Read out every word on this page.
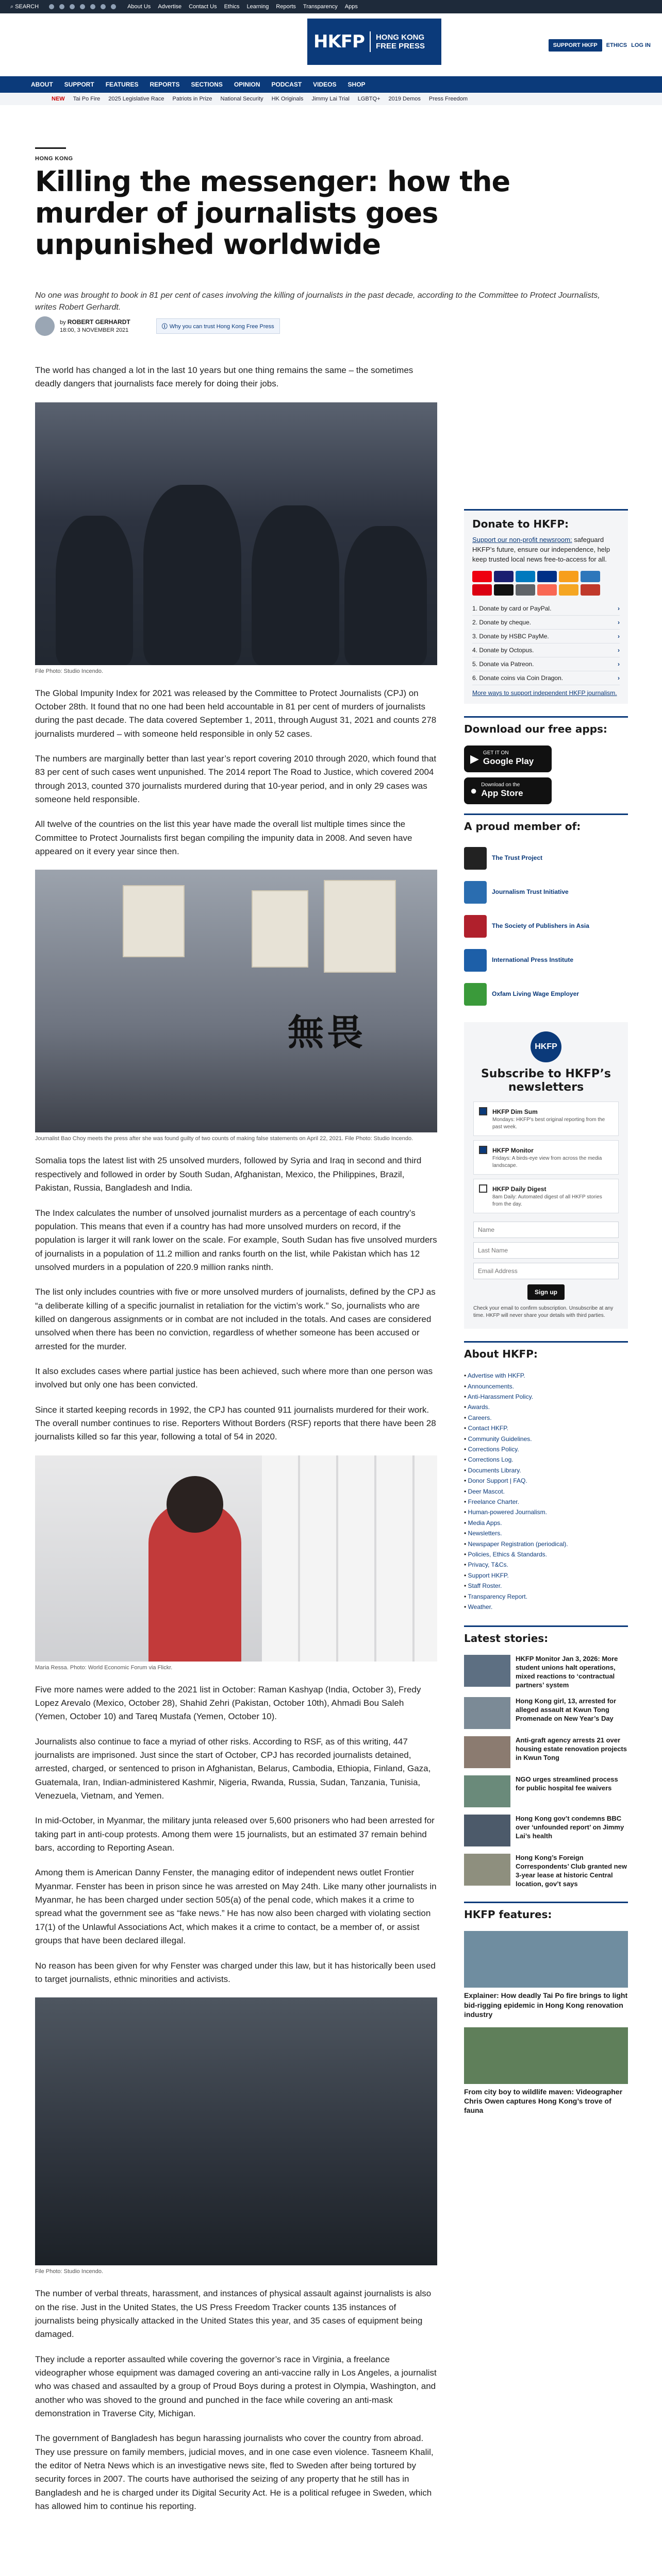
⌕ SEARCH	About Us Advertise Contact Us Ethics Learning Reports Transparency Apps
HKFP	HONG KONG FREE PRESS	SUPPORT HKFP	ETHICS LOG IN
ABOUT SUPPORT FEATURES REPORTS SECTIONS OPINION PODCAST VIDEOS SHOP
NEW Tai Po Fire 2025 Legislative Race Patriots in Prize National Security HK Originals Jimmy Lai Trial LGBTQ+ 2019 Demos Press Freedom
HONG KONG
Killing the messenger: how the murder of journalists goes unpunished worldwide

No one was brought to book in 81 per cent of cases involving the killing of journalists in the past decade, according to the Committee to Protect Journalists, writes Robert Gerhardt.

by ROBERT GERHARDT
18:00, 3 NOVEMBER 2021
ⓘ Why you can trust Hong Kong Free Press

The world has changed a lot in the last 10 years but one thing remains the same – the sometimes deadly dangers that journalists face merely for doing their jobs.

File Photo: Studio Incendo.

The Global Impunity Index for 2021 was released by the Committee to Protect Journalists (CPJ) on October 28th. It found that no one had been held accountable in 81 per cent of murders of journalists during the past decade. The data covered September 1, 2011, through August 31, 2021 and counts 278 journalists murdered – with someone held responsible in only 52 cases.

The numbers are marginally better than last year’s report covering 2010 through 2020, which found that 83 per cent of such cases went unpunished. The 2014 report The Road to Justice, which covered 2004 through 2013, counted 370 journalists murdered during that 10-year period, and in only 29 cases was someone held responsible.

All twelve of the countries on the list this year have made the overall list multiple times since the Committee to Protect Journalists first began compiling the impunity data in 2008. And seven have appeared on it every year since then.

無畏
Journalist Bao Choy meets the press after she was found guilty of two counts of making false statements on April 22, 2021. File Photo: Studio Incendo.

Somalia tops the latest list with 25 unsolved murders, followed by Syria and Iraq in second and third respectively and followed in order by South Sudan, Afghanistan, Mexico, the Philippines, Brazil, Pakistan, Russia, Bangladesh and India.

The Index calculates the number of unsolved journalist murders as a percentage of each country’s population. This means that even if a country has had more unsolved murders on record, if the population is larger it will rank lower on the scale. For example, South Sudan has five unsolved murders of journalists in a population of 11.2 million and ranks fourth on the list, while Pakistan which has 12 unsolved murders in a population of 220.9 million ranks ninth.

The list only includes countries with five or more unsolved murders of journalists, defined by the CPJ as “a deliberate killing of a specific journalist in retaliation for the victim’s work.” So, journalists who are killed on dangerous assignments or in combat are not included in the totals. And cases are considered unsolved when there has been no conviction, regardless of whether someone has been accused or arrested for the murder.

It also excludes cases where partial justice has been achieved, such where more than one person was involved but only one has been convicted.

Since it started keeping records in 1992, the CPJ has counted 911 journalists murdered for their work. The overall number continues to rise. Reporters Without Borders (RSF) reports that there have been 28 journalists killed so far this year, following a total of 54 in 2020.

Maria Ressa. Photo: World Economic Forum via Flickr.

Five more names were added to the 2021 list in October: Raman Kashyap (India, October 3), Fredy Lopez Arevalo (Mexico, October 28), Shahid Zehri (Pakistan, October 10th), Ahmadi Bou Saleh (Yemen, October 10) and Tareq Mustafa (Yemen, October 10).

Journalists also continue to face a myriad of other risks. According to RSF, as of this writing, 447 journalists are imprisoned. Just since the start of October, CPJ has recorded journalists detained, arrested, charged, or sentenced to prison in Afghanistan, Belarus, Cambodia, Ethiopia, Finland, Gaza, Guatemala, Iran, Indian-administered Kashmir, Nigeria, Rwanda, Russia, Sudan, Tanzania, Tunisia, Venezuela, Vietnam, and Yemen.

In mid-October, in Myanmar, the military junta released over 5,600 prisoners who had been arrested for taking part in anti-coup protests. Among them were 15 journalists, but an estimated 37 remain behind bars, according to Reporting Asean.

Among them is American Danny Fenster, the managing editor of independent news outlet Frontier Myanmar. Fenster has been in prison since he was arrested on May 24th. Like many other journalists in Myanmar, he has been charged under section 505(a) of the penal code, which makes it a crime to spread what the government see as “fake news.” He has now also been charged with violating section 17(1) of the Unlawful Associations Act, which makes it a crime to contact, be a member of, or assist groups that have been declared illegal.

No reason has been given for why Fenster was charged under this law, but it has historically been used to target journalists, ethnic minorities and activists.

File Photo: Studio Incendo.

The number of verbal threats, harassment, and instances of physical assault against journalists is also on the rise. Just in the United States, the US Press Freedom Tracker counts 135 instances of journalists being physically attacked in the United States this year, and 35 cases of equipment being damaged.

They include a reporter assaulted while covering the governor’s race in Virginia, a freelance videographer whose equipment was damaged covering an anti-vaccine rally in Los Angeles, a journalist who was chased and assaulted by a group of Proud Boys during a protest in Olympia, Washington, and another who was shoved to the ground and punched in the face while covering an anti-mask demonstration in Traverse City, Michigan.

The government of Bangladesh has begun harassing journalists who cover the country from abroad. They use pressure on family members, judicial moves, and in one case even violence. Tasneem Khalil, the editor of Netra News which is an investigative news site, fled to Sweden after being tortured by security forces in 2007. The courts have authorised the seizing of any property that he still has in Bangladesh and he is charged under its Digital Security Act. He is a political refugee in Sweden, which has allowed him to continue his reporting.

Donate to HKFP:

Support our non-profit newsroom: safeguard HKFP’s future, ensure our independence, help keep trusted local news free-to-access for all.

1. Donate by card or PayPal.	›
2. Donate by cheque.	›
3. Donate by HSBC PayMe.	›
4. Donate by Octopus.	›
5. Donate via Patreon.	›
6. Donate coins via Coin Dragon.	›
More ways to support independent HKFP journalism.
Download our free apps:
▶ GET IT ON
Google Play
● Download on the
App Store
A proud member of:
The Trust Project
Journalism Trust Initiative
The Society of Publishers in Asia
International Press Institute
Oxfam Living Wage Employer
HKFP
Subscribe to HKFP’s newsletters
HKFP Dim Sum
Mondays: HKFP’s best original reporting from the past week.
HKFP Monitor
Fridays: A birds-eye view from across the media landscape.
HKFP Daily Digest
8am Daily: Automated digest of all HKFP stories from the day.
Name Last Name Email Address
Sign up
Check your email to confirm subscription. Unsubscribe at any time. HKFP will never share your details with third parties.
About HKFP:
• Advertise with HKFP.
• Announcements.
• Anti-Harassment Policy.
• Awards.
• Careers.
• Contact HKFP.
• Community Guidelines.
• Corrections Policy.
• Corrections Log.
• Documents Library.
• Donor Support | FAQ.
• Deer Mascot.
• Freelance Charter.
• Human-powered Journalism.
• Media Apps.
• Newsletters.
• Newspaper Registration (periodical).
• Policies, Ethics & Standards.
• Privacy, T&Cs.
• Support HKFP.
• Staff Roster.
• Transparency Report.
• Weather.
Latest stories:
HKFP Monitor Jan 3, 2026: More student unions halt operations, mixed reactions to ‘contractual partners’ system
Hong Kong girl, 13, arrested for alleged assault at Kwun Tong Promenade on New Year’s Day
Anti-graft agency arrests 21 over housing estate renovation projects in Kwun Tong
NGO urges streamlined process for public hospital fee waivers
Hong Kong gov’t condemns BBC over ‘unfounded report’ on Jimmy Lai’s health
Hong Kong’s Foreign Correspondents’ Club granted new 3-year lease at historic Central location, gov’t says
HKFP features:
Explainer: How deadly Tai Po fire brings to light bid-rigging epidemic in Hong Kong renovation industry
From city boy to wildlife maven: Videographer Chris Owen captures Hong Kong’s trove of fauna
